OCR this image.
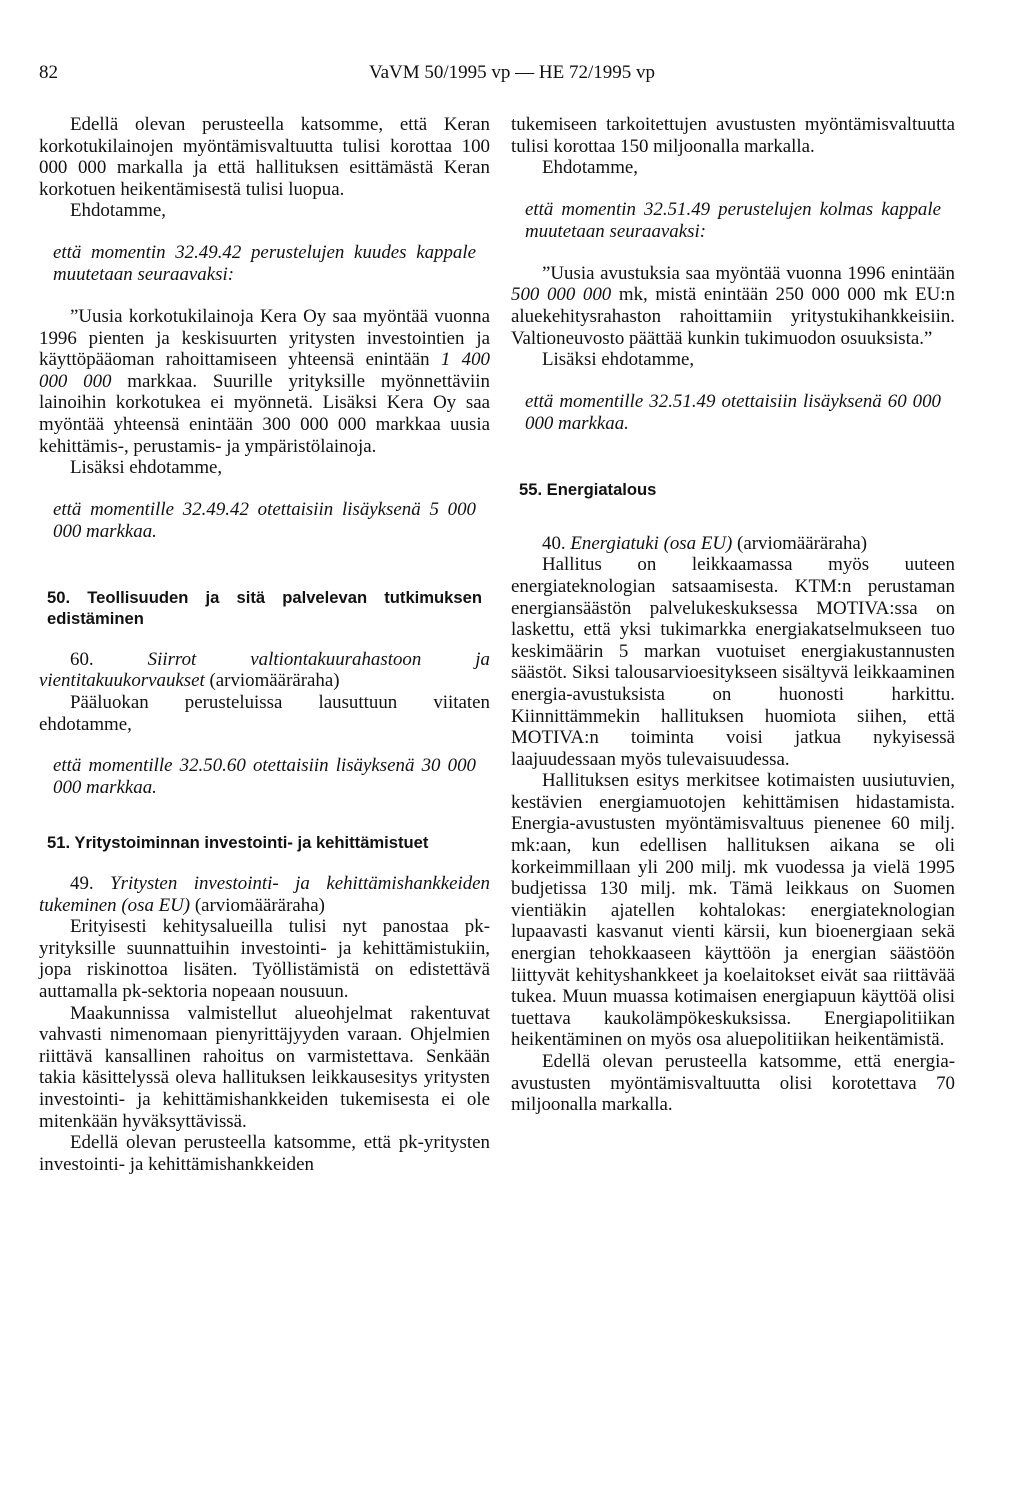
82	VaVM 50/1995 vp — HE 72/1995 vp

Edellä olevan perusteella katsomme, että Keran korkotukilainojen myöntämisvaltuutta tulisi korottaa 100 000 000 markalla ja että hallituksen esittämästä Keran korkotuen heikentämisestä tulisi luopua.

Ehdotamme,

että momentin 32.49.42 perustelujen kuudes kappale muutetaan seuraavaksi:

”Uusia korkotukilainoja Kera Oy saa myöntää vuonna 1996 pienten ja keskisuurten yritysten investointien ja käyttöpääoman rahoittamiseen yhteensä enintään 1 400 000 000 markkaa. Suurille yrityksille myönnettäviin lainoihin korkotukea ei myönnetä. Lisäksi Kera Oy saa myöntää yhteensä enintään 300 000 000 markkaa uusia kehittämis-, perustamis- ja ympäristölainoja.

Lisäksi ehdotamme,

että momentille 32.49.42 otettaisiin lisäyksenä 5 000 000 markkaa.

50. Teollisuuden ja sitä palvelevan tutkimuksen edistäminen

60.	Siirrot valtiontakuurahastoon ja vientitakuukorvaukset (arviomääräraha)

Pääluokan perusteluissa lausuttuun viitaten ehdotamme,

että momentille 32.50.60 otettaisiin lisäyksenä 30 000 000 markkaa.

51. Yritystoiminnan investointi- ja kehittämistuet

49. Yritysten investointi- ja kehittämishankkeiden tukeminen (osa EU) (arviomääräraha)

Erityisesti kehitysalueilla tulisi nyt panostaa pk-yrityksille suunnattuihin investointi- ja kehittämistukiin, jopa riskinottoa lisäten. Työllistämistä on edistettävä auttamalla pk-sektoria nopeaan nousuun.

Maakunnissa valmistellut alueohjelmat rakentuvat vahvasti nimenomaan pienyrittäjyyden varaan. Ohjelmien riittävä kansallinen rahoitus on varmistettava. Senkään takia käsittelyssä oleva hallituksen leikkausesitys yritysten investointi- ja kehittämishankkeiden tukemisesta ei ole mitenkään hyväksyttävissä.

Edellä olevan perusteella katsomme, että pk-yritysten investointi- ja kehittämishankkeiden

tukemiseen tarkoitettujen avustusten myöntämisvaltuutta tulisi korottaa 150 miljoonalla markalla.

Ehdotamme,

että momentin 32.51.49 perustelujen kolmas kappale muutetaan seuraavaksi:

”Uusia avustuksia saa myöntää vuonna 1996 enintään 500 000 000 mk, mistä enintään 250 000 000 mk EU:n aluekehitysrahaston rahoittamiin yritystukihankkeisiin. Valtioneuvosto päättää kunkin tukimuodon osuuksista.”

Lisäksi ehdotamme,

että momentille 32.51.49 otettaisiin lisäyksenä 60 000 000 markkaa.

55. Energiatalous

40. Energiatuki (osa EU) (arviomääräraha)

Hallitus on leikkaamassa myös uuteen energiateknologian satsaamisesta. KTM:n perustaman energiansäästön palvelukeskuksessa MOTIVA:ssa on laskettu, että yksi tukimarkka energiakatselmukseen tuo keskimäärin 5 markan vuotuiset energiakustannusten säästöt. Siksi talousarvioesitykseen sisältyvä leikkaaminen energia-avustuksista on huonosti harkittu. Kiinnittämmekin hallituksen huomiota siihen, että MOTIVA:n toiminta voisi jatkua nykyisessä laajuudessaan myös tulevaisuudessa.

Hallituksen esitys merkitsee kotimaisten uusiutuvien, kestävien energiamuotojen kehittämisen hidastamista. Energia-avustusten myöntämisvaltuus pienenee 60 milj. mk:aan, kun edellisen hallituksen aikana se oli korkeimmillaan yli 200 milj. mk vuodessa ja vielä 1995 budjetissa 130 milj. mk. Tämä leikkaus on Suomen vientiäkin ajatellen kohtalokas: energiateknologian lupaavasti kasvanut vienti kärsii, kun bioenergiaan sekä energian tehokkaaseen käyttöön ja energian säästöön liittyvät kehityshankkeet ja koelaitokset eivät saa riittävää tukea. Muun muassa kotimaisen energiapuun käyttöä olisi tuettava kaukolämpökeskuksissa. Energiapolitiikan heikentäminen on myös osa aluepolitiikan heikentämistä.

Edellä olevan perusteella katsomme, että energia-avustusten myöntämisvaltuutta olisi korotettava 70 miljoonalla markalla.
